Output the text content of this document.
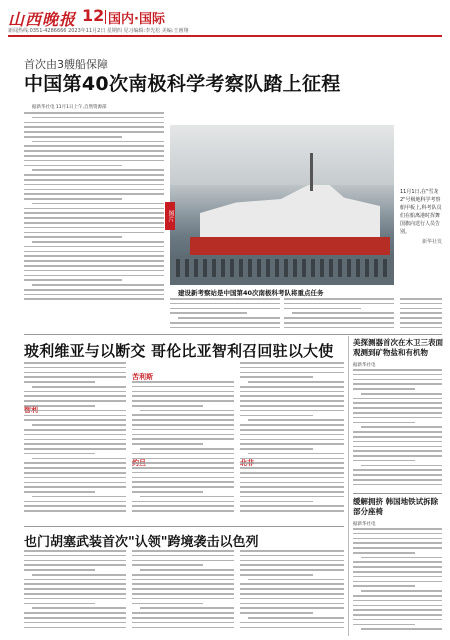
山西晚报 12 国内·国际
新闻热线:0351-4286666 2023年11月2日 星期四 见习编辑:李先松 美编:王画翔
首次由3艘船保障
中国第40次南极科学考察队踏上征程
据新华社电 11月1日上午,自然资源部
图片
建设新考察站是中国第40次南极科考队将重点任务
11月1日,在"雪龙2"号极地科学考察船甲板上,科考队员们在船离港时挥舞国旗向送行人员告别。
新华社发
玻利维亚与以断交 哥伦比亚智利召回驻以大使
苦利斯
也门胡塞武装首次"认领"跨境袭击以色列
美探测器首次在木卫三表面观测到矿物盐和有机物
据新华社电
缓解拥挤 韩国地铁试拆除部分座椅
据新华社电
